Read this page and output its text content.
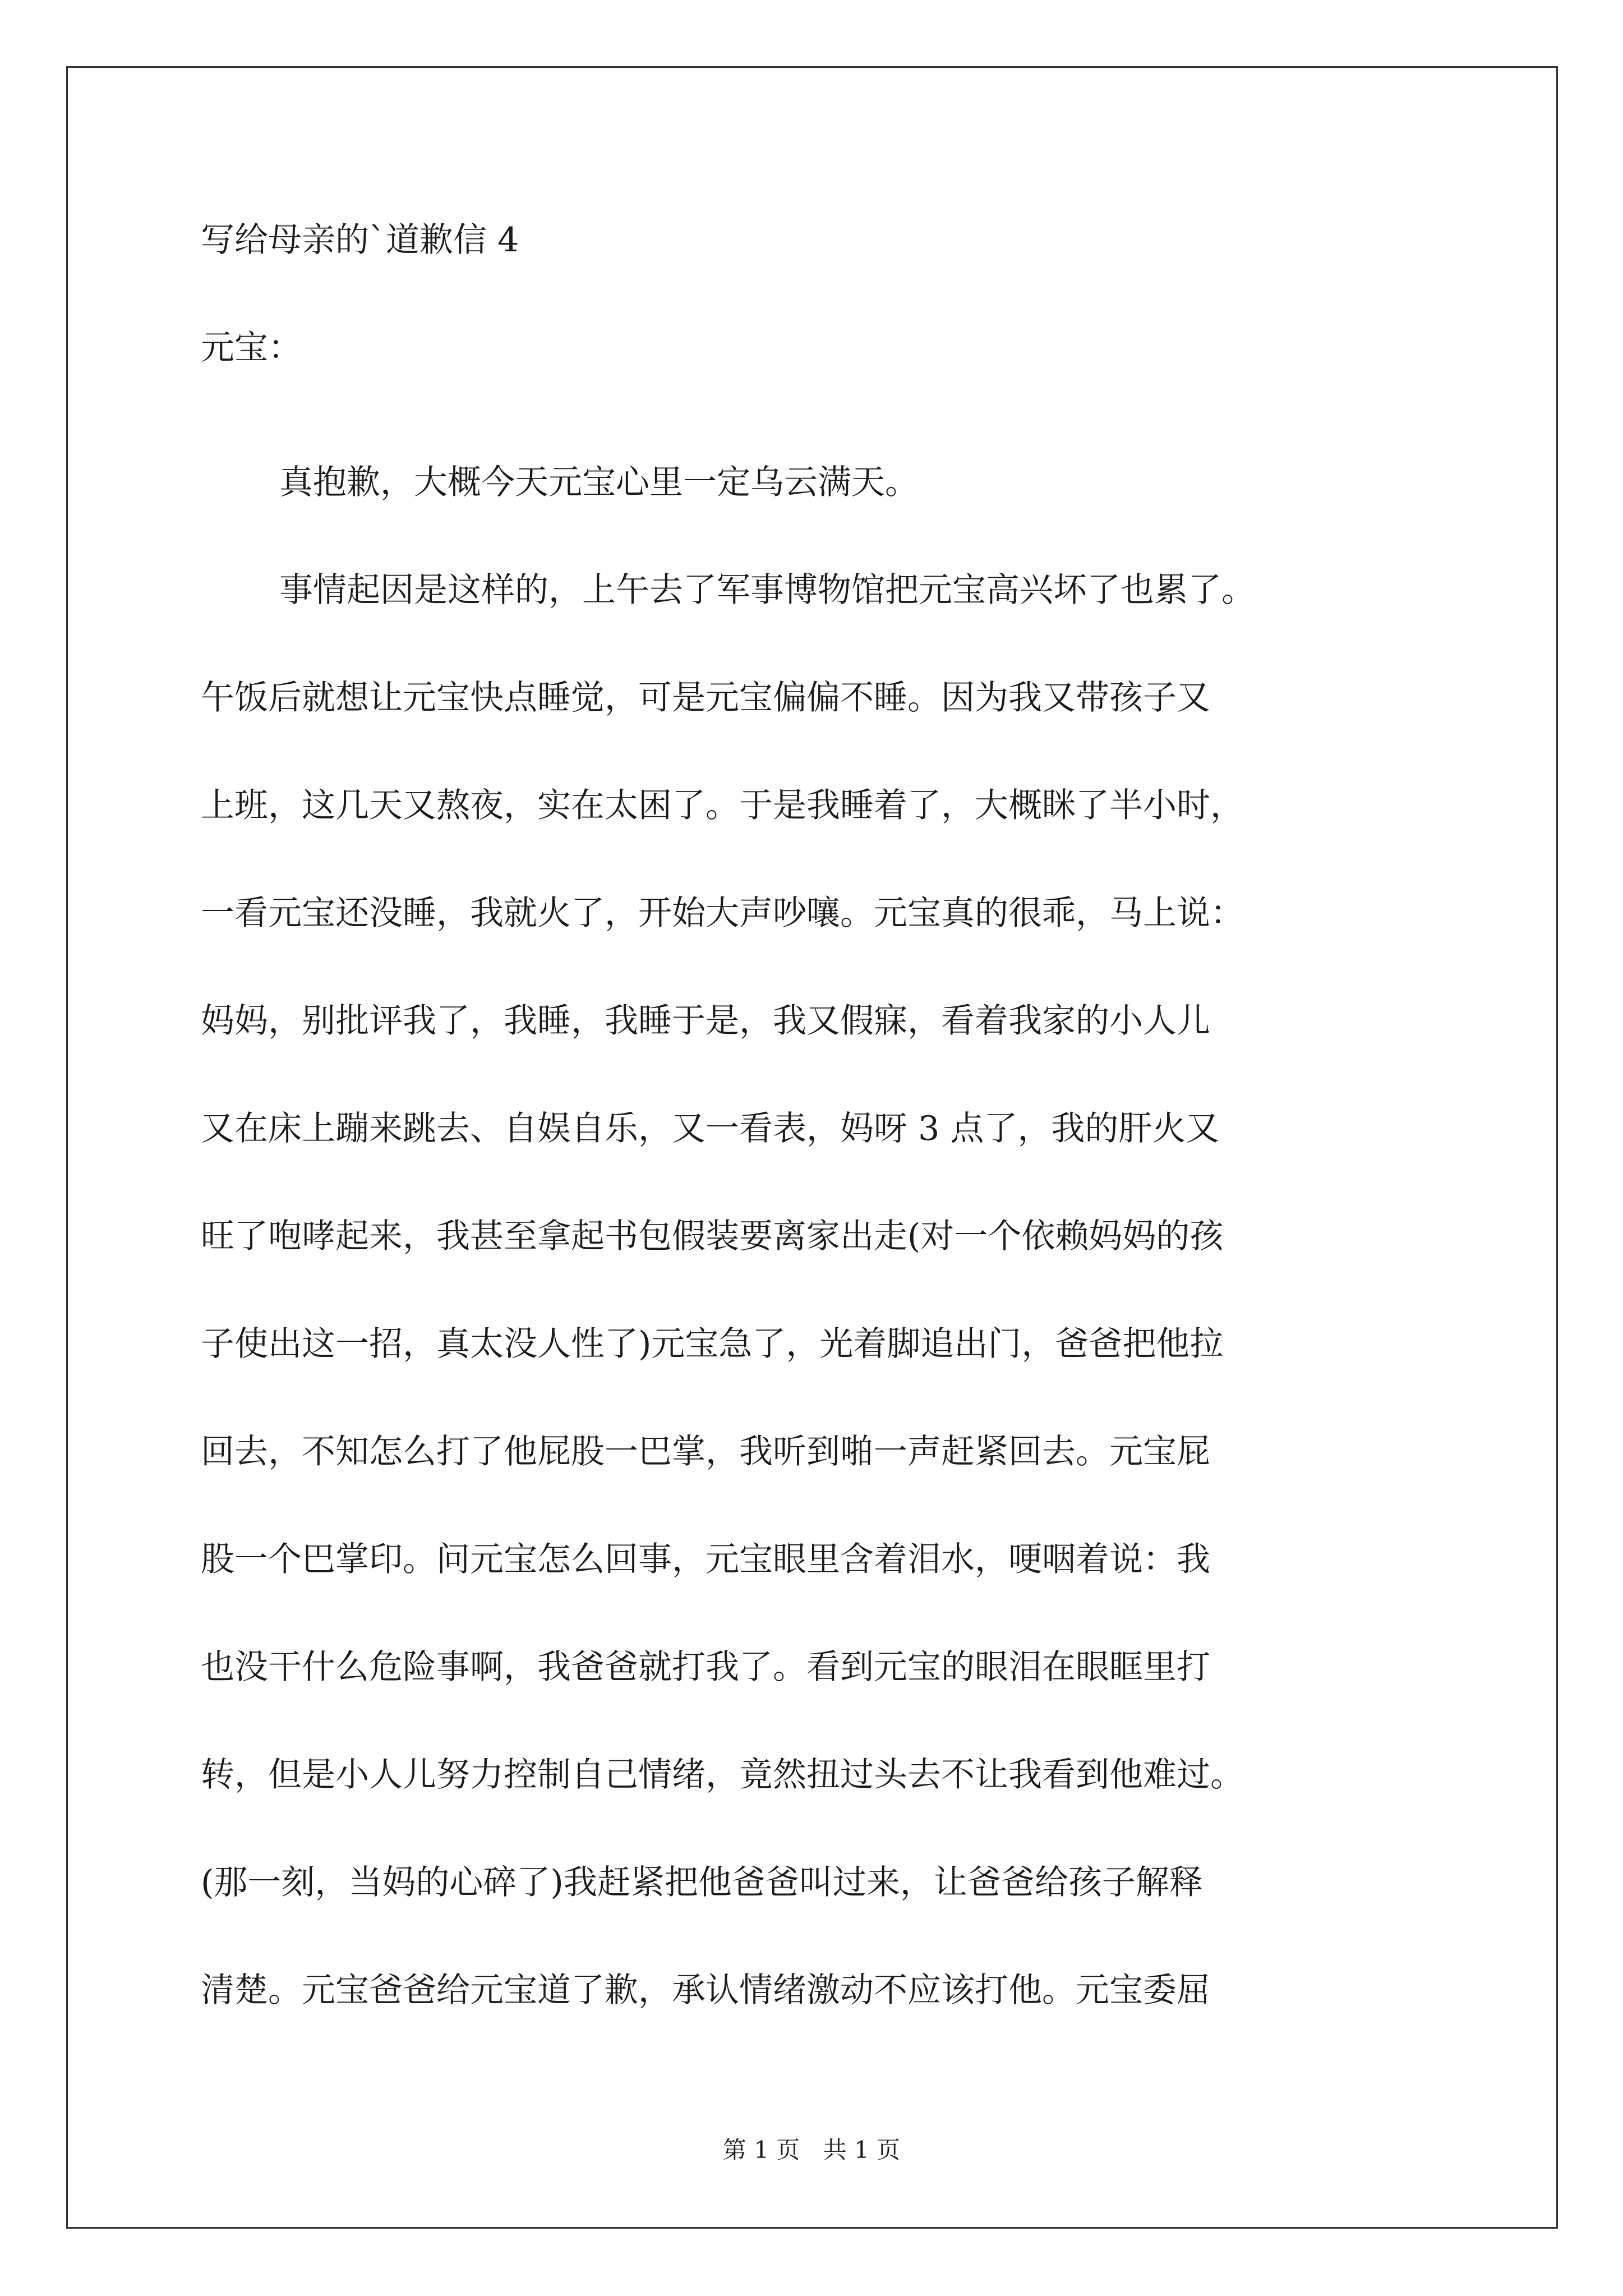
写给母亲的`道歉信 4

元宝：

真抱歉，大概今天元宝心里一定乌云满天。

事情起因是这样的，上午去了军事博物馆把元宝高兴坏了也累了。
午饭后就想让元宝快点睡觉，可是元宝偏偏不睡。因为我又带孩子又
上班，这几天又熬夜，实在太困了。于是我睡着了，大概眯了半小时，
一看元宝还没睡，我就火了，开始大声吵嚷。元宝真的很乖，马上说：
妈妈，别批评我了，我睡，我睡于是，我又假寐，看着我家的小人儿
又在床上蹦来跳去、自娱自乐，又一看表，妈呀 3 点了，我的肝火又
旺了咆哮起来，我甚至拿起书包假装要离家出走(对一个依赖妈妈的孩
子使出这一招，真太没人性了)元宝急了，光着脚追出门，爸爸把他拉
回去，不知怎么打了他屁股一巴掌，我听到啪一声赶紧回去。元宝屁
股一个巴掌印。问元宝怎么回事，元宝眼里含着泪水，哽咽着说：我
也没干什么危险事啊，我爸爸就打我了。看到元宝的眼泪在眼眶里打
转，但是小人儿努力控制自己情绪，竟然扭过头去不让我看到他难过。
(那一刻，当妈的心碎了)我赶紧把他爸爸叫过来，让爸爸给孩子解释
清楚。元宝爸爸给元宝道了歉，承认情绪激动不应该打他。元宝委屈
第 1 页 共 1 页
